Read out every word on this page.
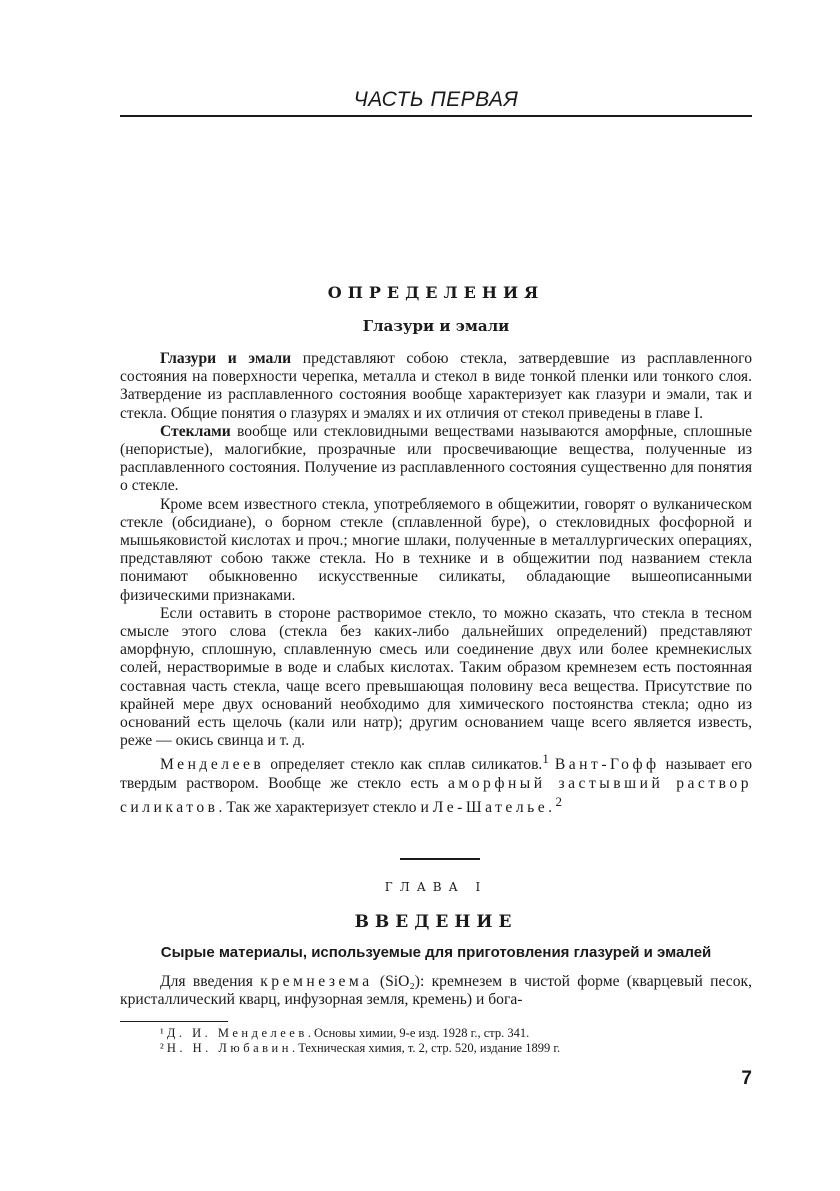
ЧАСТЬ ПЕРВАЯ
ОПРЕДЕЛЕНИЯ
Глазури и эмали

Глазури и эмали представляют собою стекла, затвердевшие из расплавленного состояния на поверхности черепка, металла и стекол в виде тонкой пленки или тонкого слоя. Затвердение из расплавленного состояния вообще характеризует как глазури и эмали, так и стекла. Общие понятия о глазурях и эмалях и их отличия от стекол приведены в главе I.

Стеклами вообще или стекловидными веществами называются аморфные, сплошные (непористые), малогибкие, прозрачные или просвечивающие вещества, полученные из расплавленного состояния. Получение из расплавленного состояния существенно для понятия о стекле.

Кроме всем известного стекла, употребляемого в общежитии, говорят о вулканическом стекле (обсидиане), о борном стекле (сплавленной буре), о стекловидных фосфорной и мышьяковистой кислотах и проч.; многие шлаки, полученные в металлургических операциях, представляют собою также стекла. Но в технике и в общежитии под названием стекла понимают обыкновенно искусственные силикаты, обладающие вышеописанными физическими признаками.

Если оставить в стороне растворимое стекло, то можно сказать, что стекла в тесном смысле этого слова (стекла без каких-либо дальнейших определений) представляют аморфную, сплошную, сплавленную смесь или соединение двух или более кремнекислых солей, нерастворимые в воде и слабых кислотах. Таким образом кремнезем есть постоянная составная часть стекла, чаще всего превышающая половину веса вещества. Присутствие по крайней мере двух оснований необходимо для химического постоянства стекла; одно из оснований есть щелочь (кали или натр); другим основанием чаще всего является известь, реже — окись свинца и т. д.

Менделеев определяет стекло как сплав силикатов.$^1$ Вант-Гофф называет его твердым раствором. Вообще же стекло есть аморфный застывший раствор силикатов. Так же характеризует стекло и Ле-Шателье.$^2$

ГЛАВА I
ВВЕДЕНИЕ
Сырые материалы, используемые для приготовления глазурей и эмалей

Для введения кремнезема (SiO₂): кремнезем в чистой форме (кварцевый песок, кристаллический кварц, инфузорная земля, кремень) и бога-

¹ Д. И. Менделеев. Основы химии, 9-е изд. 1928 г., стр. 341.
² Н. Н. Любавин. Техническая химия, т. 2, стр. 520, издание 1899 г.
7
